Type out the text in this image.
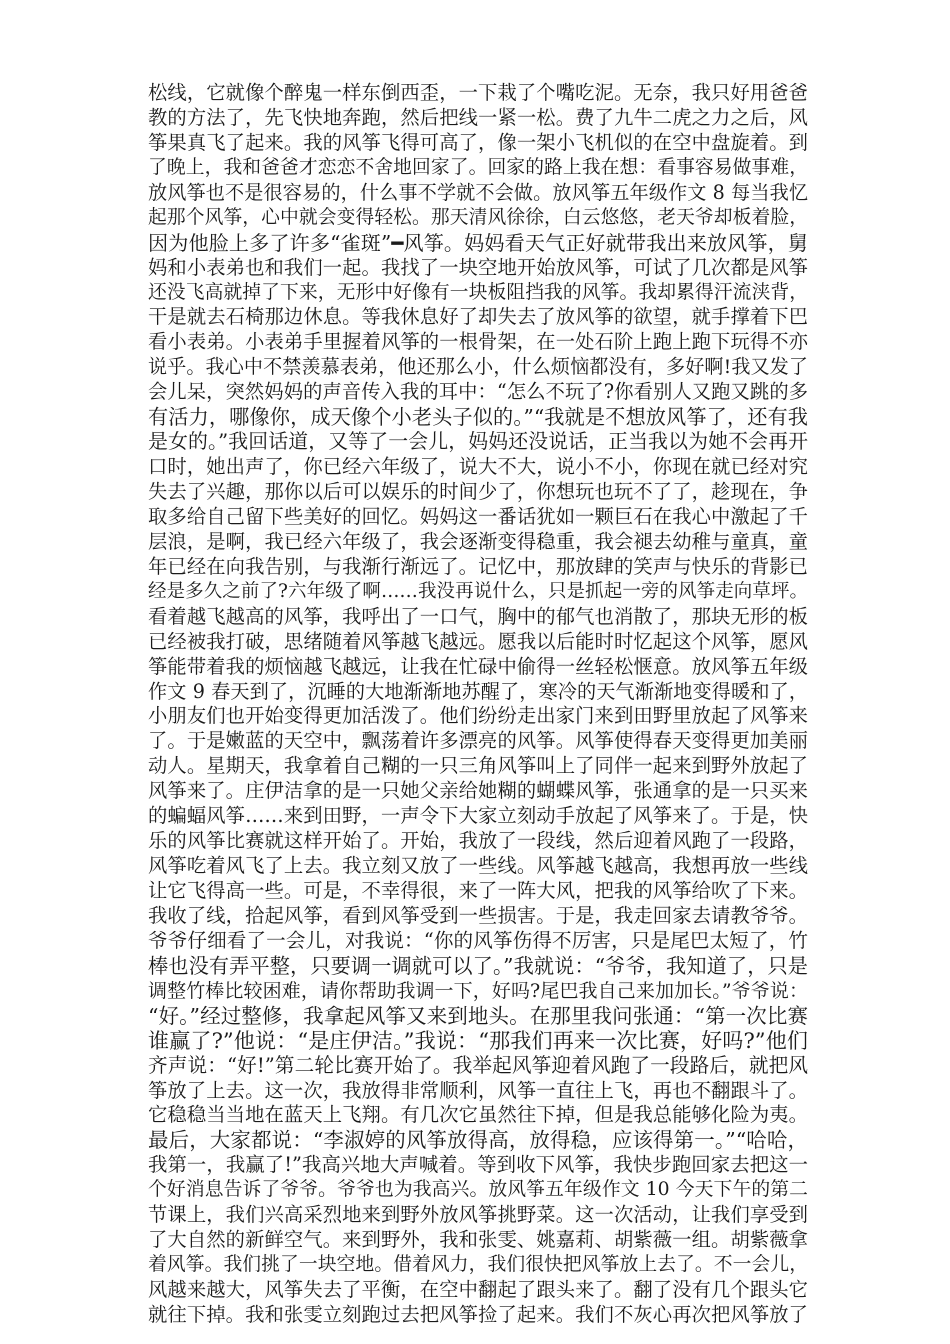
松线，它就像个醉鬼一样东倒西歪，一下栽了个嘴吃泥。无奈，我只好用爸爸
教的方法了，先飞快地奔跑，然后把线一紧一松。费了九牛二虎之力之后，风
筝果真飞了起来。我的风筝飞得可高了，像一架小飞机似的在空中盘旋着。到
了晚上，我和爸爸才恋恋不舍地回家了。回家的路上我在想：看事容易做事难，
放风筝也不是很容易的，什么事不学就不会做。放风筝五年级作文 8 每当我忆
起那个风筝，心中就会变得轻松。那天清风徐徐，白云悠悠，老天爷却板着脸，
因为他脸上多了许多“雀斑”━风筝。妈妈看天气正好就带我出来放风筝，舅
妈和小表弟也和我们一起。我找了一块空地开始放风筝，可试了几次都是风筝
还没飞高就掉了下来，无形中好像有一块板阻挡我的风筝。我却累得汗流浃背，
干是就去石椅那边休息。等我休息好了却失去了放风筝的欲望，就手撑着下巴
看小表弟。小表弟手里握着风筝的一根骨架，在一处石阶上跑上跑下玩得不亦
说乎。我心中不禁羡慕表弟，他还那么小，什么烦恼都没有，多好啊!我又发了
会儿呆，突然妈妈的声音传入我的耳中：“怎么不玩了?你看别人又跑又跳的多
有活力，哪像你，成天像个小老头子似的。”“我就是不想放风筝了，还有我
是女的。”我回话道，又等了一会儿，妈妈还没说话，正当我以为她不会再开
口时，她出声了，你已经六年级了，说大不大，说小不小，你现在就已经对究
失去了兴趣，那你以后可以娱乐的时间少了，你想玩也玩不了了，趁现在，争
取多给自己留下些美好的回忆。妈妈这一番话犹如一颗巨石在我心中激起了千
层浪，是啊，我已经六年级了，我会逐渐变得稳重，我会褪去幼稚与童真，童
年已经在向我告别，与我渐行渐远了。记忆中，那放肆的笑声与快乐的背影已
经是多久之前了?六年级了啊……我没再说什么，只是抓起一旁的风筝走向草坪。
看着越飞越高的风筝，我呼出了一口气，胸中的郁气也消散了，那块无形的板
已经被我打破，思绪随着风筝越飞越远。愿我以后能时时忆起这个风筝，愿风
筝能带着我的烦恼越飞越远，让我在忙碌中偷得一丝轻松惬意。放风筝五年级
作文 9 春天到了，沉睡的大地渐渐地苏醒了，寒冷的天气渐渐地变得暖和了，
小朋友们也开始变得更加活泼了。他们纷纷走出家门来到田野里放起了风筝来
了。于是嫩蓝的天空中，飘荡着许多漂亮的风筝。风筝使得春天变得更加美丽
动人。星期天，我拿着自己糊的一只三角风筝叫上了同伴一起来到野外放起了
风筝来了。庄伊洁拿的是一只她父亲给她糊的蝴蝶风筝，张通拿的是一只买来
的蝙蝠风筝……来到田野，一声令下大家立刻动手放起了风筝来了。于是，快
乐的风筝比赛就这样开始了。开始，我放了一段线，然后迎着风跑了一段路，
风筝吃着风飞了上去。我立刻又放了一些线。风筝越飞越高，我想再放一些线
让它飞得高一些。可是，不幸得很，来了一阵大风，把我的风筝给吹了下来。
我收了线，拾起风筝，看到风筝受到一些损害。于是，我走回家去请教爷爷。
爷爷仔细看了一会儿，对我说：“你的风筝伤得不厉害，只是尾巴太短了，竹
棒也没有弄平整，只要调一调就可以了。”我就说：“爷爷，我知道了，只是
调整竹棒比较困难，请你帮助我调一下，好吗?尾巴我自己来加加长。”爷爷说：
“好。”经过整修，我拿起风筝又来到地头。在那里我问张通：“第一次比赛
谁赢了?”他说：“是庄伊洁。”我说：“那我们再来一次比赛，好吗?”他们
齐声说：“好!”第二轮比赛开始了。我举起风筝迎着风跑了一段路后，就把风
筝放了上去。这一次，我放得非常顺利，风筝一直往上飞，再也不翻跟斗了。
它稳稳当当地在蓝天上飞翔。有几次它虽然往下掉，但是我总能够化险为夷。
最后，大家都说：“李淑婷的风筝放得高，放得稳，应该得第一。”“哈哈，
我第一，我赢了!”我高兴地大声喊着。等到收下风筝，我快步跑回家去把这一
个好消息告诉了爷爷。爷爷也为我高兴。放风筝五年级作文 10 今天下午的第二
节课上，我们兴高采烈地来到野外放风筝挑野菜。这一次活动，让我们享受到
了大自然的新鲜空气。来到野外，我和张雯、姚嘉莉、胡紫薇一组。胡紫薇拿
着风筝。我们挑了一块空地。借着风力，我们很快把风筝放上去了。不一会儿，
风越来越大，风筝失去了平衡，在空中翻起了跟头来了。翻了没有几个跟头它
就往下掉。我和张雯立刻跑过去把风筝捡了起来。我们不灰心再次把风筝放了
